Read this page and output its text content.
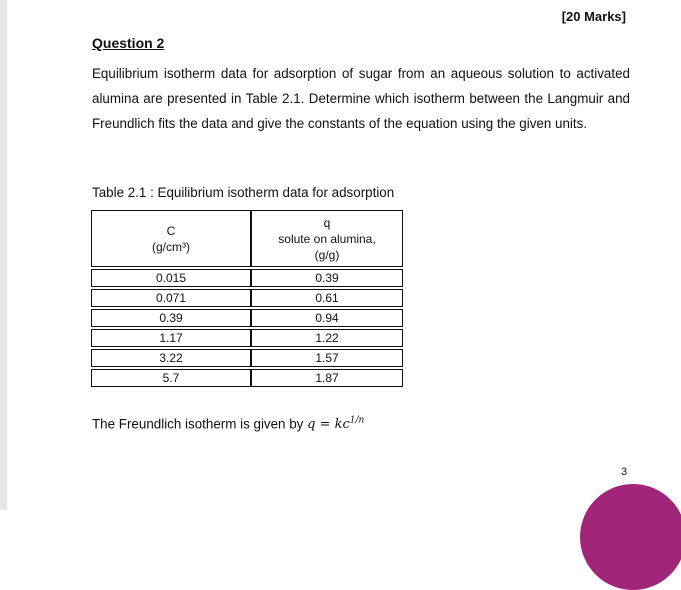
[20 Marks]
Question 2

Equilibrium isotherm data for adsorption of sugar from an aqueous solution to activated alumina are presented in Table 2.1. Determine which isotherm between the Langmuir and Freundlich fits the data and give the constants of the equation using the given units.

Table 2.1 : Equilibrium isotherm data for adsorption
C
(g/cm³)	q
solute on alumina,
(g/g)

0.015	0.39
0.071	0.61
0.39	0.94
1.17	1.22
3.22	1.57
5.7	1.87
The Freundlich isotherm is given by $q = kc^{1/n}$
3
